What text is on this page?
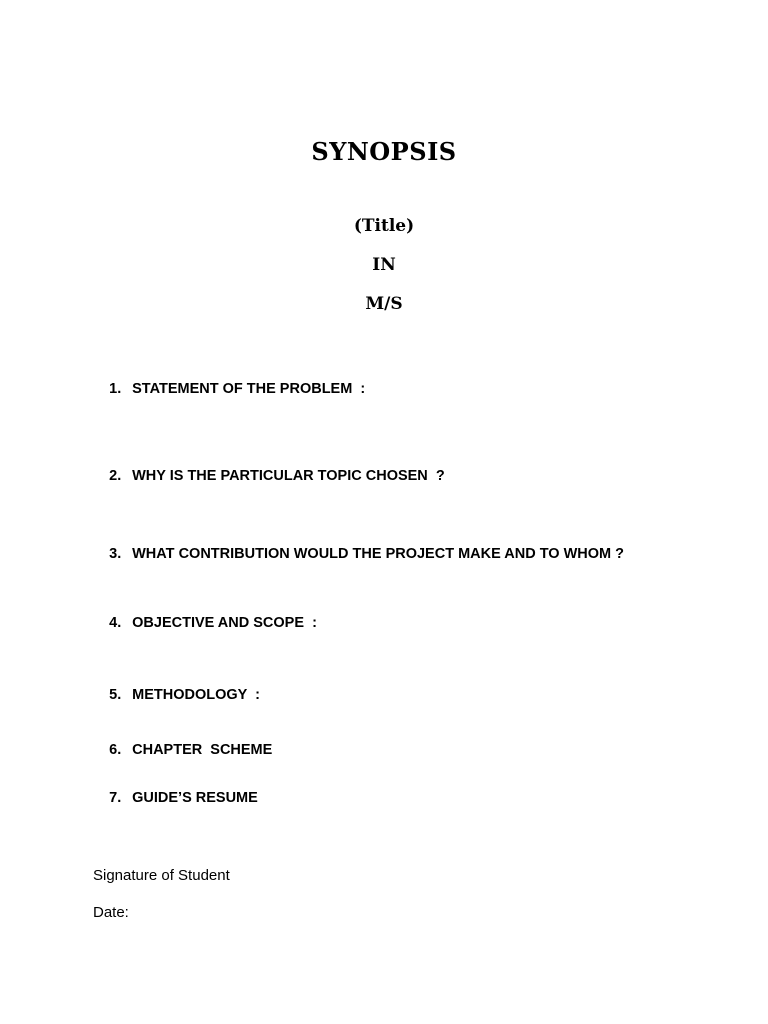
SYNOPSIS
(Title)
IN
M/S

1. STATEMENT OF THE PROBLEM  :

2. WHY IS THE PARTICULAR TOPIC CHOSEN  ?

3. WHAT CONTRIBUTION WOULD THE PROJECT MAKE AND TO WHOM ?

4. OBJECTIVE AND SCOPE  :

5. METHODOLOGY  :

6. CHAPTER  SCHEME

7. GUIDE’S RESUME

Signature of Student
Date:
